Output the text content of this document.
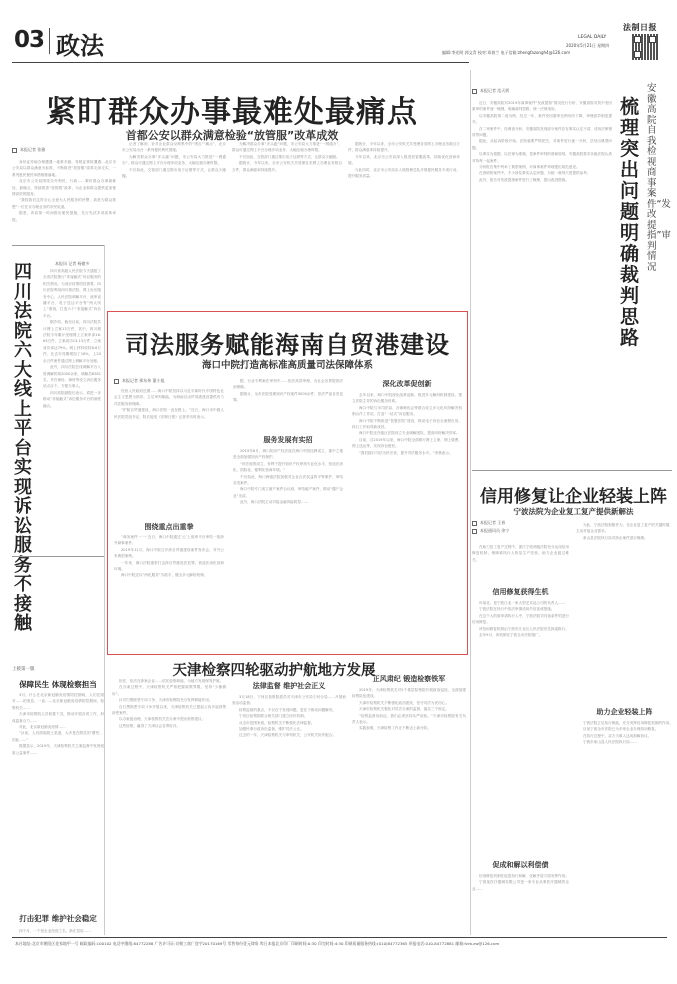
03 政法
法制日报
LEGAL DAILY
2020年5月21日 星期四
编辑:李光明 郭文青 校对:邓春兰 电子信箱:zhengfazongh4@126.com
紧盯群众办事最难处最痛点
首都公安以群众满意检验“放管服”改革成效
本报记者 张雅

身份证异地办理遭遇一地事多跑、驾驶证事故遭遇…北京市公安局以群众满意为标准，不断推进“放管服”改革走深走实，一系列惠民便民举措相继落地。

北京市公安局围绕全年利民、行政……紧盯群众办事最难处、最痛点，持续推进“放管服”改革，为企业和群众提供更加便捷高效的服务。

“我将我们这样全心全意为人民服务的民警，真是为群众着想”一位在京办理业务的市民说道。

据悉，该局第一时间推出便民措施，先行先试多项改革举措。

记者了解到，针对企业群众反映集中的“堵点”“痛点”，北京市公安局出台一系列便民利民措施。

为解决群众办事“多头跑”问题，市公安局大力推进“一网通办”，群众可通过网上平台办理多项业务，大幅压缩办理时限。

不仅如此，交管部门通过推出电子证照等方式，让群众少跑腿。

为解决群众办事“多头跑”问题，市公安局大力推进“一网通办”，群众可通过网上平台办理多项业务，大幅压缩办理时限。

不仅如此，交管部门通过推出电子证照等方式，让群众少跑腿。

据统计，今年以来，全市公安机关共受理各类网上办理业务数百万件，群众满意率持续提升。

据统计，今年以来，全市公安机关共受理各类网上办理业务数百万件，群众满意率持续提升。

今年以来，北京市公安局深入推进放管服改革，持续优化营商环境。

与此同时，北京市公安局出入境管理总队开展便民服务专项行动，提升服务质量。

本报讯 记者 杨傲多
四川法院六大线上平台实现诉讼服务不接触

四川省高级人民法院今天通报了全省法院推行“非接触式”诉讼服务的相关情况。为适应疫情防控需要，四川法院利用四川微法院、网上诉讼服务中心、人民法院调解平台、庭审直播平台、电子送达平台等“两大线上”系统，打造六个“非接触式”诉讼平台。

据介绍，截至目前，四川法院共计网上立案13万件，其中，四川微法院今年累计受理网上立案申请16.63万件，立案成功13.13万件，立案成功率达79%。网上材料收转8.6万件，比去年同期增加了16%，上20余万件案件通过网上调解平台处理。

此外，四川法院在线调解平台入驻调解机构2000余家，调解员6281名，并在律协、律所等设立诉讼服务站点百个，方便当事人。

四川高院副院长表示，将进一步推动“非接触式”诉讼服务平台的深度融合。

上接第一版
保障民生 体现检察担当

3月，什么在北京新冠肺炎疫情防控期间，人们在面对……的消息，一直……北京新冠肺炎疫情防控期间，检察机关……

天津市检察院人员积极下沉，推动开展各项工作，形成监督合力……

对此，北京新冠肺炎疫情……

“从前，人们面临缺乏渠道，大多是在附近的‘撂荒’，因此……”

数据显示，2019年，天津检察机关立案监督中发现侵害公益案件……

打击犯罪 维护社会稳定
四个月，一个是企业经营之名，新庄县检……
司法服务赋能海南自贸港建设
海口中院打造高标准高质量司法保障体系
本报记者 邢东伟 董小旭

经营人民政府近期……海口中院坚持以习近平新时代中国特色社会主义思想为指导，立足审判职能，为海南自由贸易港建设提供有力司法服务和保障。

“护航自贸港建设，海口法院一直在路上。”近日，海口市中级人民法院党组书记、院长接受《法制日报》记者采访时表示。

围绕重点出重拳

“商务案件一‘一’近日，海口中院通过‘云’上庭审平台审结一批涉外商事案件。

2019年11月，海口中院召开涉自贸港建设案件发布会，对外公布典型案例。

一年来，海口法院重拳打击涉自贸港违法犯罪，营造法治化营商环境。

海口中院还以“两化服务”为抓手，健全多元解纷机制。

据，行业专利案在审判中……依法高效审理，为社会各界提供法治保障。

据统计，全市法院受理知识产权案件3000余件，依法严惩各类犯罪。

服务发展有实招

2019年8月，海口知识产权法庭在海口中院挂牌成立，重中之重是全面加强知识产权保护。

“该法庭的成立，有利于提升知识产权审判专业化水平，营造法治化、国际化、便利化营商环境。”

不仅如此，海口两级法院加强对企业合法权益的平等保护，审结各类案件。

海口中院专门成立破产案件合议庭，审结破产案件，推动“僵尸企业”出清。

此外，海口法院主动对接金融风险防控……

深化改革促创新

去年以来，海口中院深化改革创新，推进多元解纷机制建设，建立法院主导的诉讼服务体系。

海口中院与市司法局、各律师协会等联合设立多元化纠纷解决机制合作工作站，打造“一站式”诉讼服务。

海口中院不断推进“智慧法院”建设，推动电子诉讼全流程应用，执行工作取得新成效。

海口中院还在辖区法院设立专业调解团队，提高纠纷解决效率。

目前，自2019年以来，海口中院全面推行网上立案、网上缴费、网上送达等，实现诉讼便民。

“我们践行司法为民宗旨，提升司法服务水平。”李燕表示。

本报记者 范天娇

近日，安徽高院对2019年商事案件“发改提指”情况进行分析，安徽高院对其中发回重审的案件逐一梳理，明确裁判思路，统一法律适用。

以安徽高院第二庭为例，经过一年，案件发回重审比例有所下降，审理质效明显提升。

在二审案件中，经调查分析，安徽高院发现部分案件存在事实认定不清、适用法律错误等问题。

据此，从起诉阶段开始，法院就要严格把关，对案件进行逐一分析，总结出典型问题。

以事实为根据，以法律为准绳，是案件审判的基础原则，安徽高院要求各级法院认真对待每一起案件。

分析报告集中列举了典型案例，对商事案件审理提出规范意见。

在查明的案件中，不少涉及事实认定问题，为统一裁判尺度提供参考。

此外，报告对发改提指案件进行了梳理，提出改进措施。

梳理突出问题明确裁判思路
安徽高院自我检视商事案件“发改提指”审判情况
信用修复让企业轻装上阵
宁波法院为企业复工复产提供新解法
本报记者 王春
本报通讯员 余宁

在助力复工复产过程中，浙江宁波两级法院充分运用信用修复机制，保障被执行人恢复生产经营，助力企业渡过难关。

信用修复获得生机

叶某北，是宁波江北一家大型艺术品公司的负责人……

宁波法院在执行中依法审慎适用失信惩戒措施。

在这个人的被申请执行人中，宁波法院对具备条件的进行信用修复。

该信用修复机制由宁波市江北区人民法院首先探索推行。

去年9月，该机制在宁波全市法院推广。

促成和解以利偿债

信用修复机制在促进执行和解、化解矛盾方面发挥作用。

宁波某医疗器械有限公司是一家专业从事医疗器械的企业……

为此，宁波法院积极作为，在企业复工复产的关键时期，主动对接企业需求。

象山县法院执行局对涉企案件进行梳理。

助力企业轻装上阵

宁波法院立足执行职能，充分发挥信用修复机制的作用。

目前宁波全市法院已为多家企业办理信用修复。

在执行过程中，双方当事人达成和解协议。

宁波市象山县人民法院执行局……

天津检察四轮驱动护航地方发展

担任，依法在涉案企业……依托检察职能，为地方发展保驾护航。

在办案过程中，天津检察机关严格把握政策界限，坚持“少捕慎诉”。

针对扫黑除恶专项斗争，天津市检察院充分发挥职能作用。

自扫黑除恶专项斗争开展以来，天津检察机关已提起公诉多起涉黑涉恶案件。

以办案促治理，天津检察机关在办案中提出检察建议。

这些检察，赢得了天津社会各界好评。

法律监督 维护社会正义

3月18日，宁河区检察院派员对天津市公安局宁河分局……开展侦查活动监督。

检察监督的重点，不仅在于发现问题，更在于推动问题解决。

宁河区检察院联合相关部门建立协作机制。

从全市范围来看，检察机关不断强化法律监督。

加强民事行政诉讼监督，维护司法公正。

过去的一年，天津检察机关与审判机关、公安机关协作配合。

正风肃纪 锻造检察铁军

2019年，天津检察机关对5个基层检察院开展政治巡视，全面加强检察队伍建设。

天津市检察机关不断强化政治建设，坚守司法为民初心。

天津市检察机关强化对司法办案的监督，落实三个规定。

“检察监督向前迈，我们必须坚持从严治检。”天津市检察院有关负责人表示。

实践表明，天津检察工作正不断迈上新台阶。

本社地址:北京市朝阳区花家地甲一号 邮政编码:100102 电话中继线:84772288 广告许可证:京朝工商广登字20170169号 零售每份壹元肆角 昨日本报北京印厂印刷时间:0:30 印完时间:4:30 印刷质量服务热线:(010)84772365 举报电话:010-84772881 邮箱:fzrb.zw@126.com
